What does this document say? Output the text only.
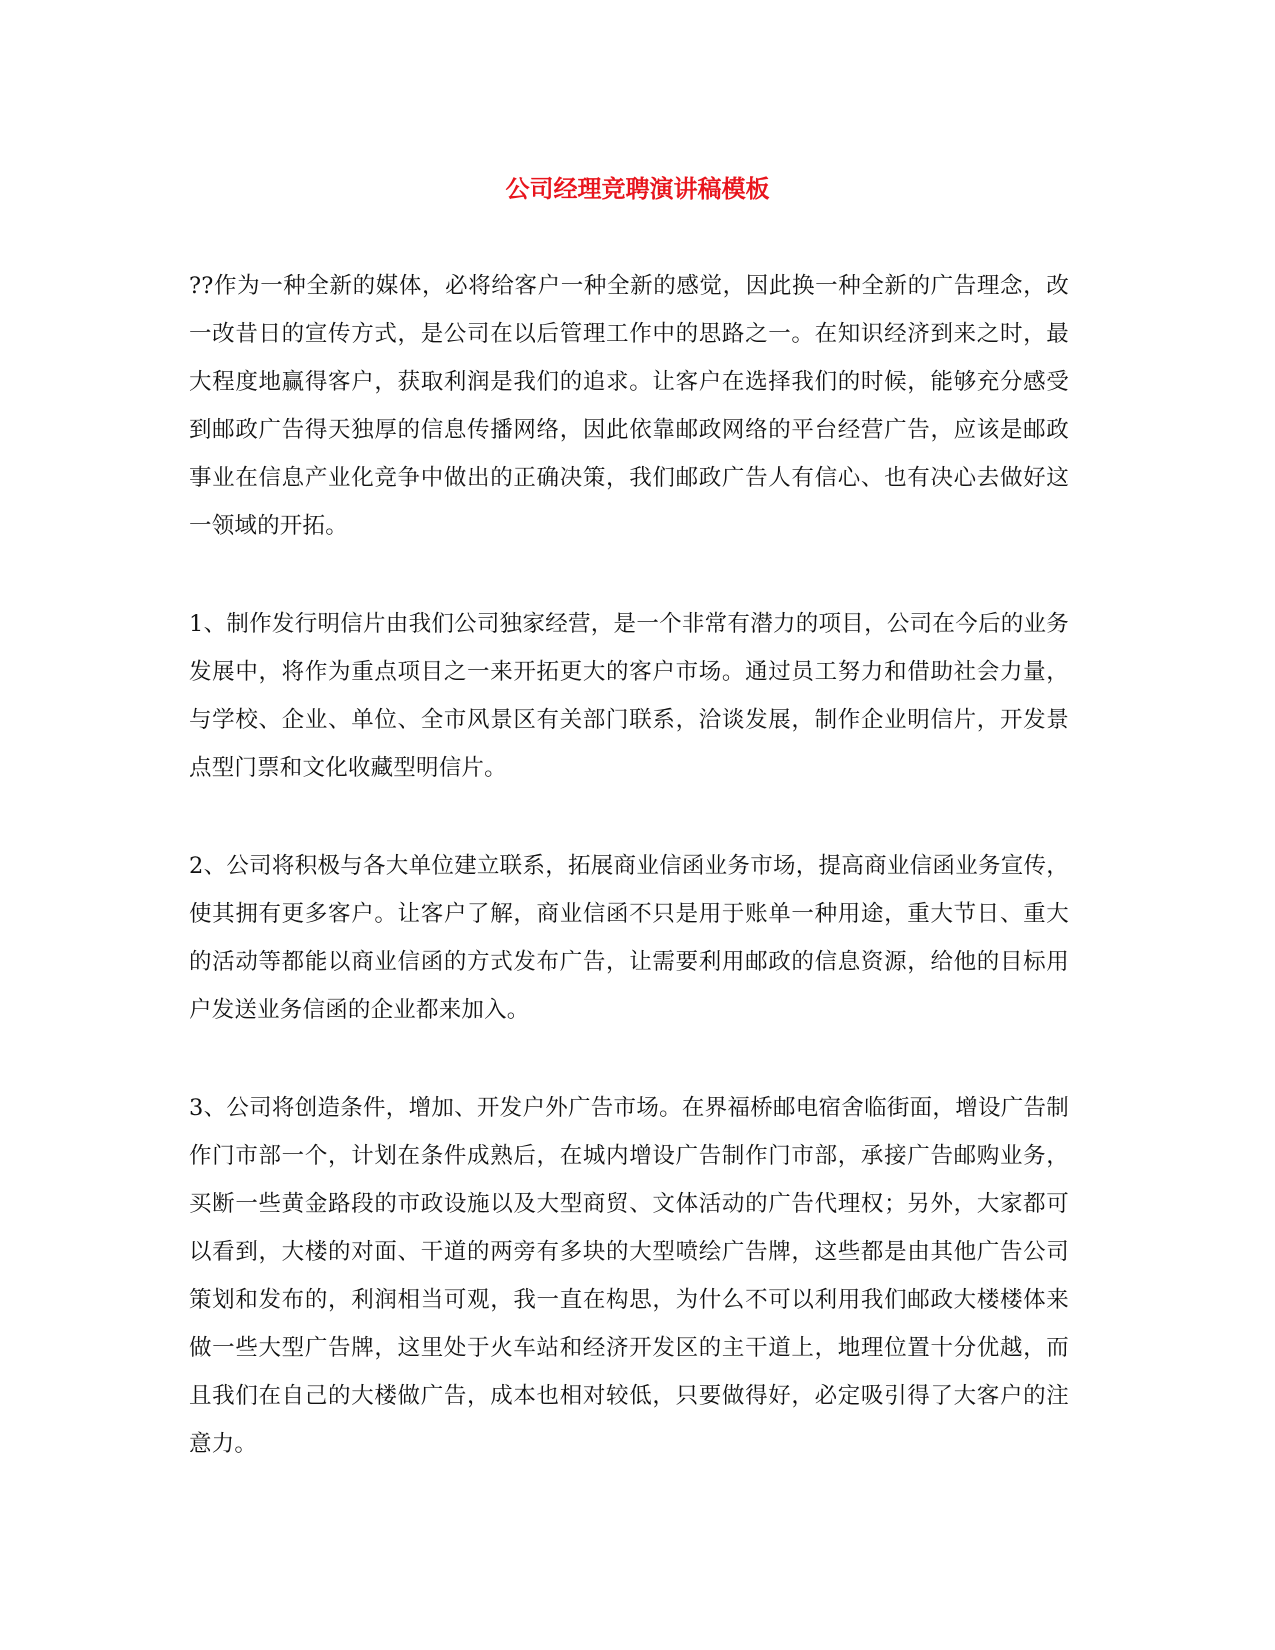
公司经理竞聘演讲稿模板

??作为一种全新的媒体，必将给客户一种全新的感觉，因此换一种全新的广告理念，改一改昔日的宣传方式，是公司在以后管理工作中的思路之一。在知识经济到来之时，最大程度地赢得客户，获取利润是我们的追求。让客户在选择我们的时候，能够充分感受到邮政广告得天独厚的信息传播网络，因此依靠邮政网络的平台经营广告，应该是邮政事业在信息产业化竞争中做出的正确决策，我们邮政广告人有信心、也有决心去做好这一领域的开拓。

1、制作发行明信片由我们公司独家经营，是一个非常有潜力的项目，公司在今后的业务发展中，将作为重点项目之一来开拓更大的客户市场。通过员工努力和借助社会力量，与学校、企业、单位、全市风景区有关部门联系，洽谈发展，制作企业明信片，开发景点型门票和文化收藏型明信片。

2、公司将积极与各大单位建立联系，拓展商业信函业务市场，提高商业信函业务宣传，使其拥有更多客户。让客户了解，商业信函不只是用于账单一种用途，重大节日、重大的活动等都能以商业信函的方式发布广告，让需要利用邮政的信息资源，给他的目标用户发送业务信函的企业都来加入。

3、公司将创造条件，增加、开发户外广告市场。在界福桥邮电宿舍临街面，增设广告制作门市部一个，计划在条件成熟后，在城内增设广告制作门市部，承接广告邮购业务，买断一些黄金路段的市政设施以及大型商贸、文体活动的广告代理权；另外，大家都可以看到，大楼的对面、干道的两旁有多块的大型喷绘广告牌，这些都是由其他广告公司策划和发布的，利润相当可观，我一直在构思，为什么不可以利用我们邮政大楼楼体来做一些大型广告牌，这里处于火车站和经济开发区的主干道上，地理位置十分优越，而且我们在自己的大楼做广告，成本也相对较低，只要做得好，必定吸引得了大客户的注意力。
